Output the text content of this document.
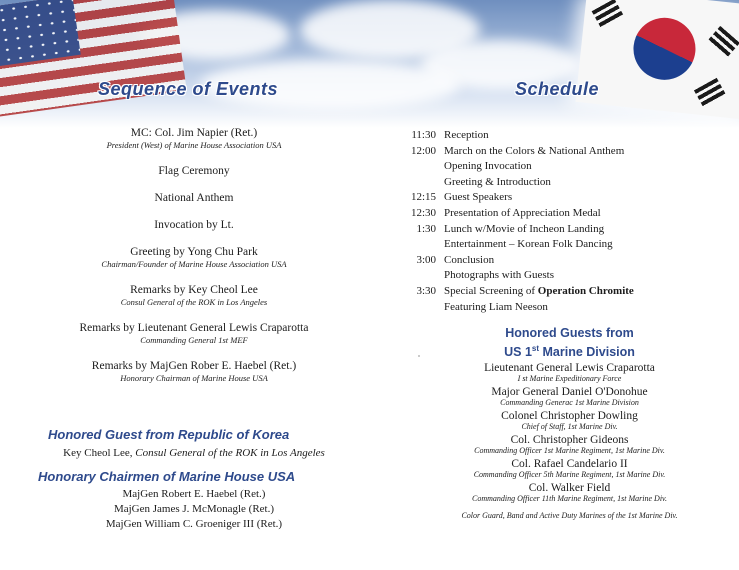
Sequence of Events	Schedule
MC: Col. Jim Napier (Ret.)
President (West) of Marine House Association USA
Flag Ceremony
National Anthem
Invocation by Lt.
Greeting by Yong Chu Park
Chairman/Founder of Marine House Association USA
Remarks by Key Cheol Lee
Consul General of the ROK in Los Angeles
Remarks by Lieutenant General Lewis Craparotta
Commanding General 1st MEF
Remarks by MajGen Rober E. Haebel (Ret.)
Honorary Chairman of Marine House USA
Honored Guest from Republic of Korea
Key Cheol Lee, Consul General of the ROK in Los Angeles
Honorary Chairmen of Marine House USA
MajGen Robert E. Haebel (Ret.)
MajGen James J. McMonagle (Ret.)
MajGen William C. Groeniger III (Ret.)
11:30 Reception
12:00 March on the Colors & National Anthem
Opening Invocation
Greeting & Introduction
12:15 Guest Speakers
12:30 Presentation of Appreciation Medal
1:30 Lunch w/Movie of Incheon Landing
Entertainment – Korean Folk Dancing
3:00 Conclusion
Photographs with Guests
3:30 Special Screening of Operation Chromite
Featuring Liam Neeson
Honored Guests from
US 1st Marine Division
Lieutenant General Lewis Craparotta
I st Marine Expeditionary Force
Major General Daniel O'Donohue
Commanding Generac 1st Marine Division
Colonel Christopher Dowling
Chief of Staff, 1st Marine Div.
Col. Christopher Gideons
Commanding Officer 1st Marine Regiment, 1st Marine Div.
Col. Rafael Candelario II
Commanding Officer 5th Marine Regiment, 1st Marine Div.
Col. Walker Field
Commanding Officer 11th Marine Regiment, 1st Marine Div.
Color Guard, Band and Active Duty Marines of the 1st Marine Div.
